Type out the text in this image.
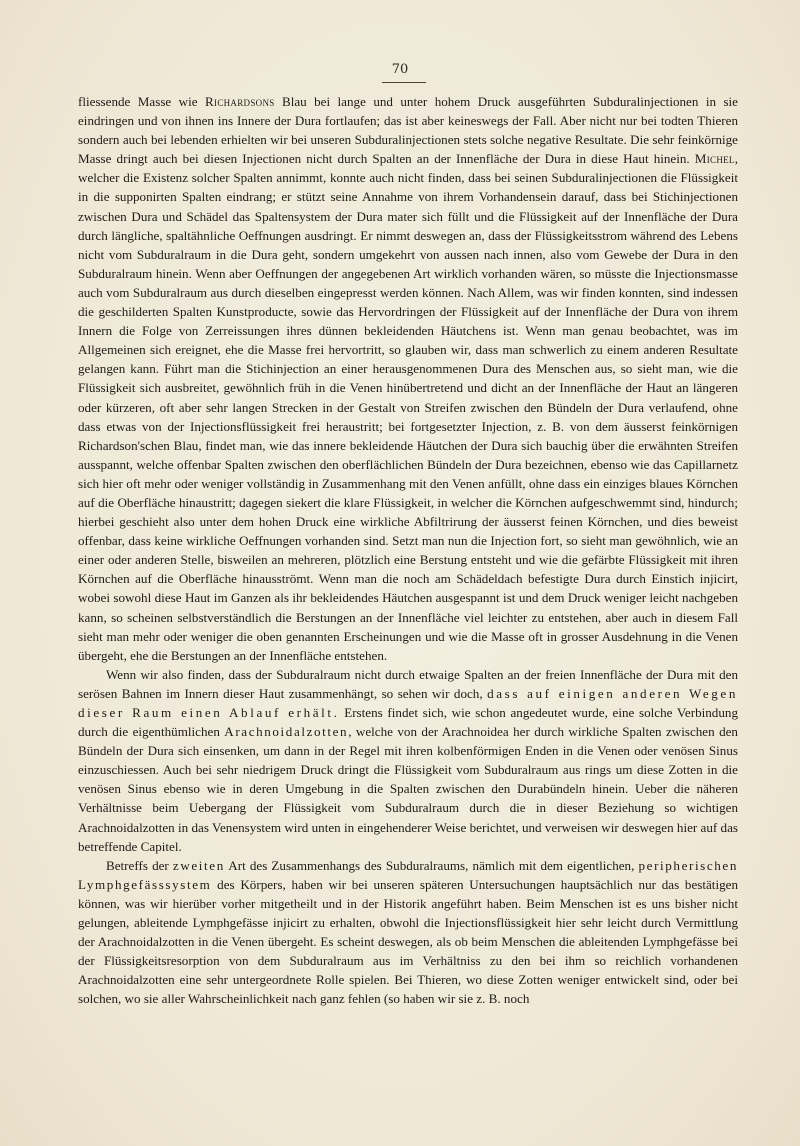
70

fliessende Masse wie Richardsons Blau bei lange und unter hohem Druck ausgeführten Subduralinjectionen in sie eindringen und von ihnen ins Innere der Dura fortlaufen; das ist aber keineswegs der Fall. Aber nicht nur bei todten Thieren sondern auch bei lebenden erhielten wir bei unseren Subduralinjectionen stets solche negative Resultate. Die sehr feinkörnige Masse dringt auch bei diesen Injectionen nicht durch Spalten an der Innenfläche der Dura in diese Haut hinein. Michel, welcher die Existenz solcher Spalten annimmt, konnte auch nicht finden, dass bei seinen Subduralinjectionen die Flüssigkeit in die supponirten Spalten eindrang; er stützt seine Annahme von ihrem Vorhandensein darauf, dass bei Stichinjectionen zwischen Dura und Schädel das Spaltensystem der Dura mater sich füllt und die Flüssigkeit auf der Innenfläche der Dura durch längliche, spaltähnliche Oeffnungen ausdringt. Er nimmt deswegen an, dass der Flüssigkeitsstrom während des Lebens nicht vom Subduralraum in die Dura geht, sondern umgekehrt von aussen nach innen, also vom Gewebe der Dura in den Subduralraum hinein. Wenn aber Oeffnungen der angegebenen Art wirklich vorhanden wären, so müsste die Injectionsmasse auch vom Subduralraum aus durch dieselben eingepresst werden können. Nach Allem, was wir finden konnten, sind indessen die geschilderten Spalten Kunstproducte, sowie das Hervordringen der Flüssigkeit auf der Innenfläche der Dura von ihrem Innern die Folge von Zerreissungen ihres dünnen bekleidenden Häutchens ist. Wenn man genau beobachtet, was im Allgemeinen sich ereignet, ehe die Masse frei hervortritt, so glauben wir, dass man schwerlich zu einem anderen Resultate gelangen kann. Führt man die Stichinjection an einer herausgenommenen Dura des Menschen aus, so sieht man, wie die Flüssigkeit sich ausbreitet, gewöhnlich früh in die Venen hinübertretend und dicht an der Innenfläche der Haut an längeren oder kürzeren, oft aber sehr langen Strecken in der Gestalt von Streifen zwischen den Bündeln der Dura verlaufend, ohne dass etwas von der Injectionsflüssigkeit frei heraustritt; bei fortgesetzter Injection, z. B. von dem äusserst feinkörnigen Richardson'schen Blau, findet man, wie das innere bekleidende Häutchen der Dura sich bauchig über die erwähnten Streifen ausspannt, welche offenbar Spalten zwischen den oberflächlichen Bündeln der Dura bezeichnen, ebenso wie das Capillarnetz sich hier oft mehr oder weniger vollständig in Zusammenhang mit den Venen anfüllt, ohne dass ein einziges blaues Körnchen auf die Oberfläche hinaustritt; dagegen siekert die klare Flüssigkeit, in welcher die Körnchen aufgeschwemmt sind, hindurch; hierbei geschieht also unter dem hohen Druck eine wirkliche Abfiltrirung der äusserst feinen Körnchen, und dies beweist offenbar, dass keine wirkliche Oeffnungen vorhanden sind. Setzt man nun die Injection fort, so sieht man gewöhnlich, wie an einer oder anderen Stelle, bisweilen an mehreren, plötzlich eine Berstung entsteht und wie die gefärbte Flüssigkeit mit ihren Körnchen auf die Oberfläche hinausströmt. Wenn man die noch am Schädeldach befestigte Dura durch Einstich injicirt, wobei sowohl diese Haut im Ganzen als ihr bekleidendes Häutchen ausgespannt ist und dem Druck weniger leicht nachgeben kann, so scheinen selbstverständlich die Berstungen an der Innenfläche viel leichter zu entstehen, aber auch in diesem Fall sieht man mehr oder weniger die oben genannten Erscheinungen und wie die Masse oft in grosser Ausdehnung in die Venen übergeht, ehe die Berstungen an der Innenfläche entstehen.

Wenn wir also finden, dass der Subduralraum nicht durch etwaige Spalten an der freien Innenfläche der Dura mit den serösen Bahnen im Innern dieser Haut zusammenhängt, so sehen wir doch, dass auf einigen anderen Wegen dieser Raum einen Ablauf erhält. Erstens findet sich, wie schon angedeutet wurde, eine solche Verbindung durch die eigenthümlichen Arachnoidalzotten, welche von der Arachnoidea her durch wirkliche Spalten zwischen den Bündeln der Dura sich einsenken, um dann in der Regel mit ihren kolbenförmigen Enden in die Venen oder venösen Sinus einzuschiessen. Auch bei sehr niedrigem Druck dringt die Flüssigkeit vom Subduralraum aus rings um diese Zotten in die venösen Sinus ebenso wie in deren Umgebung in die Spalten zwischen den Durabündeln hinein. Ueber die näheren Verhältnisse beim Uebergang der Flüssigkeit vom Subduralraum durch die in dieser Beziehung so wichtigen Arachnoidalzotten in das Venensystem wird unten in eingehenderer Weise berichtet, und verweisen wir deswegen hier auf das betreffende Capitel.

Betreffs der zweiten Art des Zusammenhangs des Subduralraums, nämlich mit dem eigentlichen, peripherischen Lymphgefässsystem des Körpers, haben wir bei unseren späteren Untersuchungen hauptsächlich nur das bestätigen können, was wir hierüber vorher mitgetheilt und in der Historik angeführt haben. Beim Menschen ist es uns bisher nicht gelungen, ableitende Lymphgefässe injicirt zu erhalten, obwohl die Injectionsflüssigkeit hier sehr leicht durch Vermittlung der Arachnoidalzotten in die Venen übergeht. Es scheint deswegen, als ob beim Menschen die ableitenden Lymphgefässe bei der Flüssigkeitsresorption von dem Subduralraum aus im Verhältniss zu den bei ihm so reichlich vorhandenen Arachnoidalzotten eine sehr untergeordnete Rolle spielen. Bei Thieren, wo diese Zotten weniger entwickelt sind, oder bei solchen, wo sie aller Wahrscheinlichkeit nach ganz fehlen (so haben wir sie z. B. noch
